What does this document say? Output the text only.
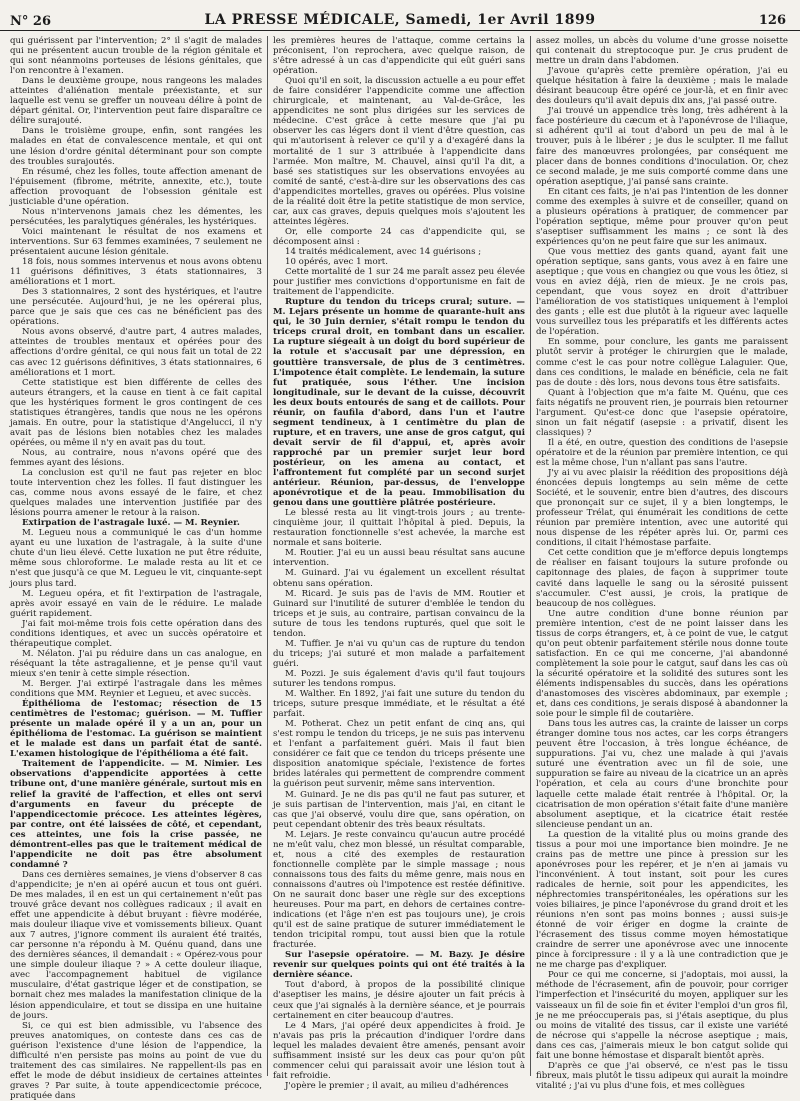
N° 26	LA PRESSE MÉDICALE, Samedi, 1er Avril 1899	126

qui guérissent par l'intervention; 2° il s'agit de malades qui ne présentent aucun trouble de la région génitale et qui sont néanmoins porteuses de lésions génitales, que l'on rencontre à l'examen.

Dans le deuxième groupe, nous rangeons les malades atteintes d'aliénation mentale préexistante, et sur laquelle est venu se greffer un nouveau délire à point de départ génital. Or, l'intervention peut faire disparaître ce délire surajouté.

Dans le troisième groupe, enfin, sont rangées les malades en état de convalescence mentale, et qui ont une lésion d'ordre génital déterminant pour son compte des troubles surajoutés.

En résumé, chez les folles, toute affection amenant de l'épuisement (fibrome, métrite, annexite, etc.), toute affection provoquant de l'obsession génitale est justiciable d'une opération.

Nous n'intervenons jamais chez les démentes, les persécutées, les paralytiques générales, les hystériques.

Voici maintenant le résultat de nos examens et interventions. Sur 63 femmes examinées, 7 seulement ne présentaient aucune lésion génitale.

18 fois, nous sommes intervenus et nous avons obtenu 11 guérisons définitives, 3 états stationnaires, 3 améliorations et 1 mort.

Des 3 stationnaires, 2 sont des hystériques, et l'autre une persécutée. Aujourd'hui, je ne les opérerai plus, parce que je sais que ces cas ne bénéficient pas des opérations.

Nous avons observé, d'autre part, 4 autres malades, atteintes de troubles mentaux et opérées pour des affections d'ordre génital, ce qui nous fait un total de 22 cas avec 12 guérisons définitives, 3 états stationnaires, 6 améliorations et 1 mort.

Cette statistique est bien différente de celles des auteurs étrangers, et la cause en tient à ce fait capital que les hystériques forment le gros contingent de ces statistiques étrangères, tandis que nous ne les opérons jamais. En outre, pour la statistique d'Angelucci, il n'y avait pas de lésions bien notables chez les malades opérées, ou même il n'y en avait pas du tout.

Nous, au contraire, nous n'avons opéré que des femmes ayant des lésions.

La conclusion est qu'il ne faut pas rejeter en bloc toute intervention chez les folles. Il faut distinguer les cas, comme nous avons essayé de le faire, et chez quelques malades une intervention justifiée par des lésions pourra amener le retour à la raison.

Extirpation de l'astragale luxé. — M. Reynier.

M. Legueu nous a communiqué le cas d'un homme ayant eu une luxation de l'astragale, à la suite d'une chute d'un lieu élevé. Cette luxation ne put être réduite, même sous chloroforme. Le malade resta au lit et ce n'est que jusqu'à ce que M. Legueu le vit, cinquante-sept jours plus tard.

M. Legueu opéra, et fit l'extirpation de l'astragale, après avoir essayé en vain de le réduire. Le malade guérit rapidement.

J'ai fait moi-même trois fois cette opération dans des conditions identiques, et avec un succès opératoire et thérapeutique complet.

M. Nélaton. J'ai pu réduire dans un cas analogue, en réséquant la tête astragalienne, et je pense qu'il vaut mieux s'en tenir à cette simple résection.

M. Berger. J'ai extirpé l'astragale dans les mêmes conditions que MM. Reynier et Legueu, et avec succès.

Épithélioma de l'estomac; résection de 15 centimètres de l'estomac; guérison. — M. Tuffier présente un malade opéré il y a un an, pour un épithélioma de l'estomac. La guérison se maintient et le malade est dans un parfait état de santé. L'examen histologique de l'épithélioma a été fait.

Traitement de l'appendicite. — M. Nimier. Les observations d'appendicite apportées à cette tribune ont, d'une manière générale, surtout mis en relief la gravité de l'affection, et elles ont servi d'arguments en faveur du précepte de l'appendicectomie précoce. Les atteintes légères, par contre, ont été laissées de côté, et cependant, ces atteintes, une fois la crise passée, ne démontrent-elles pas que le traitement médical de l'appendicite ne doit pas être absolument condamné ?

Dans ces dernières semaines, je viens d'observer 8 cas d'appendicite; je n'en ai opéré aucun et tous ont guéri. De mes malades, il en est un qui certainement n'eût pas trouvé grâce devant nos collègues radicaux ; il avait en effet une appendicite à début bruyant : fièvre modérée, mais douleur iliaque vive et vomissements bilieux. Quant aux 7 autres, j'ignore comment ils auraient été traités, car personne n'a répondu à M. Quénu quand, dans une des dernières séances, il demandait : « Opérez-vous pour une simple douleur iliaque ? » A cette douleur iliaque, avec l'accompagnement habituel de vigilance musculaire, d'état gastrique léger et de constipation, se bornait chez mes malades la manifestation clinique de la lésion appendiculaire, et tout se dissipa en une huitaine de jours.

Si, ce qui est bien admissible, vu l'absence des preuves anatomiques, on conteste dans ces cas de guérison l'existence d'une lésion de l'appendice, la difficulté n'en persiste pas moins au point de vue du traitement des cas similaires. Ne rappellent-ils pas en effet le mode de début insidieux de certaines atteintes graves ? Par suite, à toute appendicectomie précoce, pratiquée dans

les premières heures de l'attaque, comme certains la préconisent, l'on reprochera, avec quelque raison, de s'être adressé à un cas d'appendicite qui eût guéri sans opération.

Quoi qu'il en soit, la discussion actuelle a eu pour effet de faire considérer l'appendicite comme une affection chirurgicale, et maintenant, au Val-de-Grâce, les appendicites ne sont plus dirigées sur les services de médecine. C'est grâce à cette mesure que j'ai pu observer les cas légers dont il vient d'être question, cas qui m'autorisent à relever ce qu'il y a d'exagéré dans la mortalité de 1 sur 3 attribuée à l'appendicite dans l'armée. Mon maître, M. Chauvel, ainsi qu'il l'a dit, a basé ses statistiques sur les observations envoyées au comité de santé, c'est-à-dire sur les observations des cas d'appendicites mortelles, graves ou opérées. Plus voisine de la réalité doit être la petite statistique de mon service, car, aux cas graves, depuis quelques mois s'ajoutent les atteintes légères.

Or, elle comporte 24 cas d'appendicite qui, se décomposent ainsi :

14 traités médicalement, avec 14 guérisons ;

10 opérés, avec 1 mort.

Cette mortalité de 1 sur 24 me paraît assez peu élevée pour justifier mes convictions d'opportunisme en fait de traitement de l'appendicite.

Rupture du tendon du triceps crural; suture. — M. Lejars présente un homme de quarante-huit ans qui, le 30 Juin dernier, s'était rompu le tendon du triceps crural droit, en tombant dans un escalier. La rupture siégeait à un doigt du bord supérieur de la rotule et s'accusait par une dépression, en gouttière transversale, de plus de 3 centimètres. L'impotence était complète. Le lendemain, la suture fut pratiquée, sous l'éther. Une incision longitudinale, sur le devant de la cuisse, découvrit les deux bouts entourés de sang et de caillots. Pour réunir, on faufila d'abord, dans l'un et l'autre segment tendineux, à 1 centimètre du plan de rupture, et en travers, une anse de gros catgut, qui devait servir de fil d'appui, et, après avoir rapproché par un premier surjet leur bord postérieur, on les amena au contact, et l'affrontement fut complété par un second surjet antérieur. Réunion, par-dessus, de l'enveloppe aponévrotique et de la peau. Immobilisation du genou dans une gouttière plâtrée postérieure.

Le blessé resta au lit vingt-trois jours ; au trente-cinquième jour, il quittait l'hôpital à pied. Depuis, la restauration fonctionnelle s'est achevée, la marche est normale et sans boiterie.

M. Routier. J'ai eu un aussi beau résultat sans aucune intervention.

M. Guinard. J'ai vu également un excellent résultat obtenu sans opération.

M. Ricard. Je suis pas de l'avis de MM. Routier et Guinard sur l'inutilité de suturer d'emblée le tendon du triceps et je suis, au contraire, partisan convaincu de la suture de tous les tendons rupturés, quel que soit le tendon.

M. Tuffier. Je n'ai vu qu'un cas de rupture du tendon du triceps; j'ai suturé et mon malade a parfaitement guéri.

M. Pozzi. Je suis également d'avis qu'il faut toujours suturer les tendons rompus.

M. Walther. En 1892, j'ai fait une suture du tendon du triceps, suture presque immédiate, et le résultat a été parfait.

M. Potherat. Chez un petit enfant de cinq ans, qui s'est rompu le tendon du triceps, je ne suis pas intervenu et l'enfant a parfaitement guéri. Mais il faut bien considérer ce fait que ce tendon du triceps présente une disposition anatomique spéciale, l'existence de fortes brides latérales qui permettent de comprendre comment la guérison peut survenir, même sans intervention.

M. Guinard. Je ne dis pas qu'il ne faut pas suturer, et je suis partisan de l'intervention, mais j'ai, en citant le cas que j'ai observé, voulu dire que, sans opération, on peut cependant obtenir des très beaux résultats.

M. Lejars. Je reste convaincu qu'aucun autre procédé ne m'eût valu, chez mon blessé, un résultat comparable, et, nous a cité des exemples de restauration fonctionnelle complète par le simple massage ; nous connaissons tous des faits du même genre, mais nous en connaissons d'autres où l'impotence est restée définitive. On ne saurait donc baser une règle sur des exceptions heureuses. Pour ma part, en dehors de certaines contre-indications (et l'âge n'en est pas toujours une), je crois qu'il est de saine pratique de suturer immédiatement le tendon tricipital rompu, tout aussi bien que la rotule fracturée.

Sur l'asepsie opératoire. — M. Bazy. Je désire revenir sur quelques points qui ont été traités à la dernière séance.

Tout d'abord, à propos de la possibilité clinique d'aseptiser les mains, je désire ajouter un fait précis à ceux que j'ai signalés à la dernière séance, et je pourrais certainement en citer beaucoup d'autres.

Le 4 Mars, j'ai opéré deux appendicites à froid. Je n'avais pas pris la précaution d'indiquer l'ordre dans lequel les malades devaient être amenés, pensant avoir suffisamment insisté sur les deux cas pour qu'on pût commencer celui qui paraissait avoir une lésion tout à fait refroidie.

J'opère le premier ; il avait, au milieu d'adhérences

assez molles, un abcès du volume d'une grosse noisette qui contenait du streptocoque pur. Je crus prudent de mettre un drain dans l'abdomen.

J'avoue qu'après cette première opération, j'ai eu quelque hésitation à faire la deuxième ; mais le malade désirant beaucoup être opéré ce jour-là, et en finir avec des douleurs qu'il avait depuis dix ans, j'ai passé outre.

J'ai trouvé un appendice très long, très adhérent à la face postérieure du cæcum et à l'aponévrose de l'iliaque, si adhérent qu'il ai tout d'abord un peu de mal à le trouver, puis à le libérer ; je dus le sculpter. Il me fallut faire des manœuvres prolongées, par conséquent me placer dans de bonnes conditions d'inoculation. Or, chez ce second malade, je me suis comporté comme dans une opération aseptique, j'ai pansé sans crainte.

En citant ces faits, je n'ai pas l'intention de les donner comme des exemples à suivre et de conseiller, quand on a plusieurs opérations à pratiquer, de commencer par l'opération septique, même pour prouver qu'on peut s'aseptiser suffisamment les mains ; ce sont là des expériences qu'on ne peut faire que sur les animaux.

Que vous mettiez des gants quand, ayant fait une opération septique, sans gants, vous avez à en faire une aseptique ; que vous en changiez ou que vous les ôtiez, si vous en aviez déjà, rien de mieux. Je ne crois pas, cependant, que vous soyez en droit d'attribuer l'amélioration de vos statistiques uniquement à l'emploi des gants ; elle est due plutôt à la rigueur avec laquelle vous surveillez tous les préparatifs et les différents actes de l'opération.

En somme, pour conclure, les gants me paraissent plutôt servir à protéger le chirurgien que le malade, comme c'est le cas pour notre collègue Lalaguier. Que, dans ces conditions, le malade en bénéficie, cela ne fait pas de doute : dès lors, nous devons tous être satisfaits.

Quant à l'objection que m'a faite M. Quénu, que ces faits négatifs ne prouvent rien, je pourrais bien retourner l'argument. Qu'est-ce donc que l'asepsie opératoire, sinon un fait négatif (asepsie : a privatif, disent les classiques) ?

Il a été, en outre, question des conditions de l'asepsie opératoire et de la réunion par première intention, ce qui est la même chose, l'un n'allant pas sans l'autre.

J'y ai vu avec plaisir la réédition des propositions déjà énoncées depuis longtemps au sein même de cette Société, et le souvenir, entre bien d'autres, des discours que prononçait sur ce sujet, il y a bien longtemps, le professeur Trélat, qui énumérait les conditions de cette réunion par première intention, avec une autorité qui nous dispense de les répéter après lui. Or, parmi ces conditions, il citait l'hémostase parfaite.

Cet cette condition que je m'efforce depuis longtemps de réaliser en faisant toujours la suture profonde ou capitonnage des plaies, de façon à supprimer toute cavité dans laquelle le sang ou la sérosité puissent s'accumuler. C'est aussi, je crois, la pratique de beaucoup de nos collègues.

Une autre condition d'une bonne réunion par première intention, c'est de ne point laisser dans les tissus de corps étrangers, et, à ce point de vue, le catgut qu'on peut obtenir parfaitement stérile nous donne toute satisfaction. En ce qui me concerne, j'ai abandonné complètement la soie pour le catgut, sauf dans les cas où la sécurité opératoire et la solidité des sutures sont les éléments indispensables du succès, dans les opérations d'anastomoses des viscères abdominaux, par exemple ; et, dans ces conditions, je serais disposé à abandonner la soie pour le simple fil de coutarière.

Dans tous les autres cas, la crainte de laisser un corps étranger domine tous nos actes, car les corps étrangers peuvent être l'occasion, à très longue échéance, de suppurations. J'ai vu, chez une malade à qui j'avais suturé une éventration avec un fil de soie, une suppuration se faire au niveau de la cicatrice un an après l'opération, et cela au cours d'une bronchite pour laquelle cette malade était rentrée à l'hôpital. Or, la cicatrisation de mon opération s'était faite d'une manière absolument aseptique, et la cicatrice était restée silencieuse pendant un an.

La question de la vitalité plus ou moins grande des tissus a pour moi une importance bien moindre. Je ne crains pas de mettre une pince à pression sur les aponévroses pour les repérer, et je n'en ai jamais vu l'inconvénient. À tout instant, soit pour les cures radicales de hernie, soit pour les appendicites, les néphrectomies transpéritonéales, les opérations sur les voies biliaires, je pince l'aponévrose du grand droit et les réunions n'en sont pas moins bonnes ; aussi suis-je étonné de voir ériger en dogme la crainte de l'écrasement des tissus comme moyen hémostatique craindre de serrer une aponévrose avec une innocente pince à forcipressure : il y a là une contradiction que je ne me charge pas d'expliquer.

Pour ce qui me concerne, si j'adoptais, moi aussi, la méthode de l'écrasement, afin de pouvoir, pour corriger l'imperfection et l'insécurité du moyen, appliquer sur les vaisseaux un fil de soie fin et éviter l'emploi d'un gros fil, je ne me préoccuperais pas, si j'étais aseptique, du plus ou moins de vitalité des tissus, car il existe une variété de nécrose qui s'appelle la nécrose aseptique ; mais, dans ces cas, j'aimerais mieux le bon catgut solide qui fait une bonne hémostase et disparaît bientôt après.

D'après ce que j'ai observé, ce n'est pas le tissu fibreux, mais plutôt le tissu adipeux qui aurait la moindre vitalité ; j'ai vu plus d'une fois, et mes collègues
